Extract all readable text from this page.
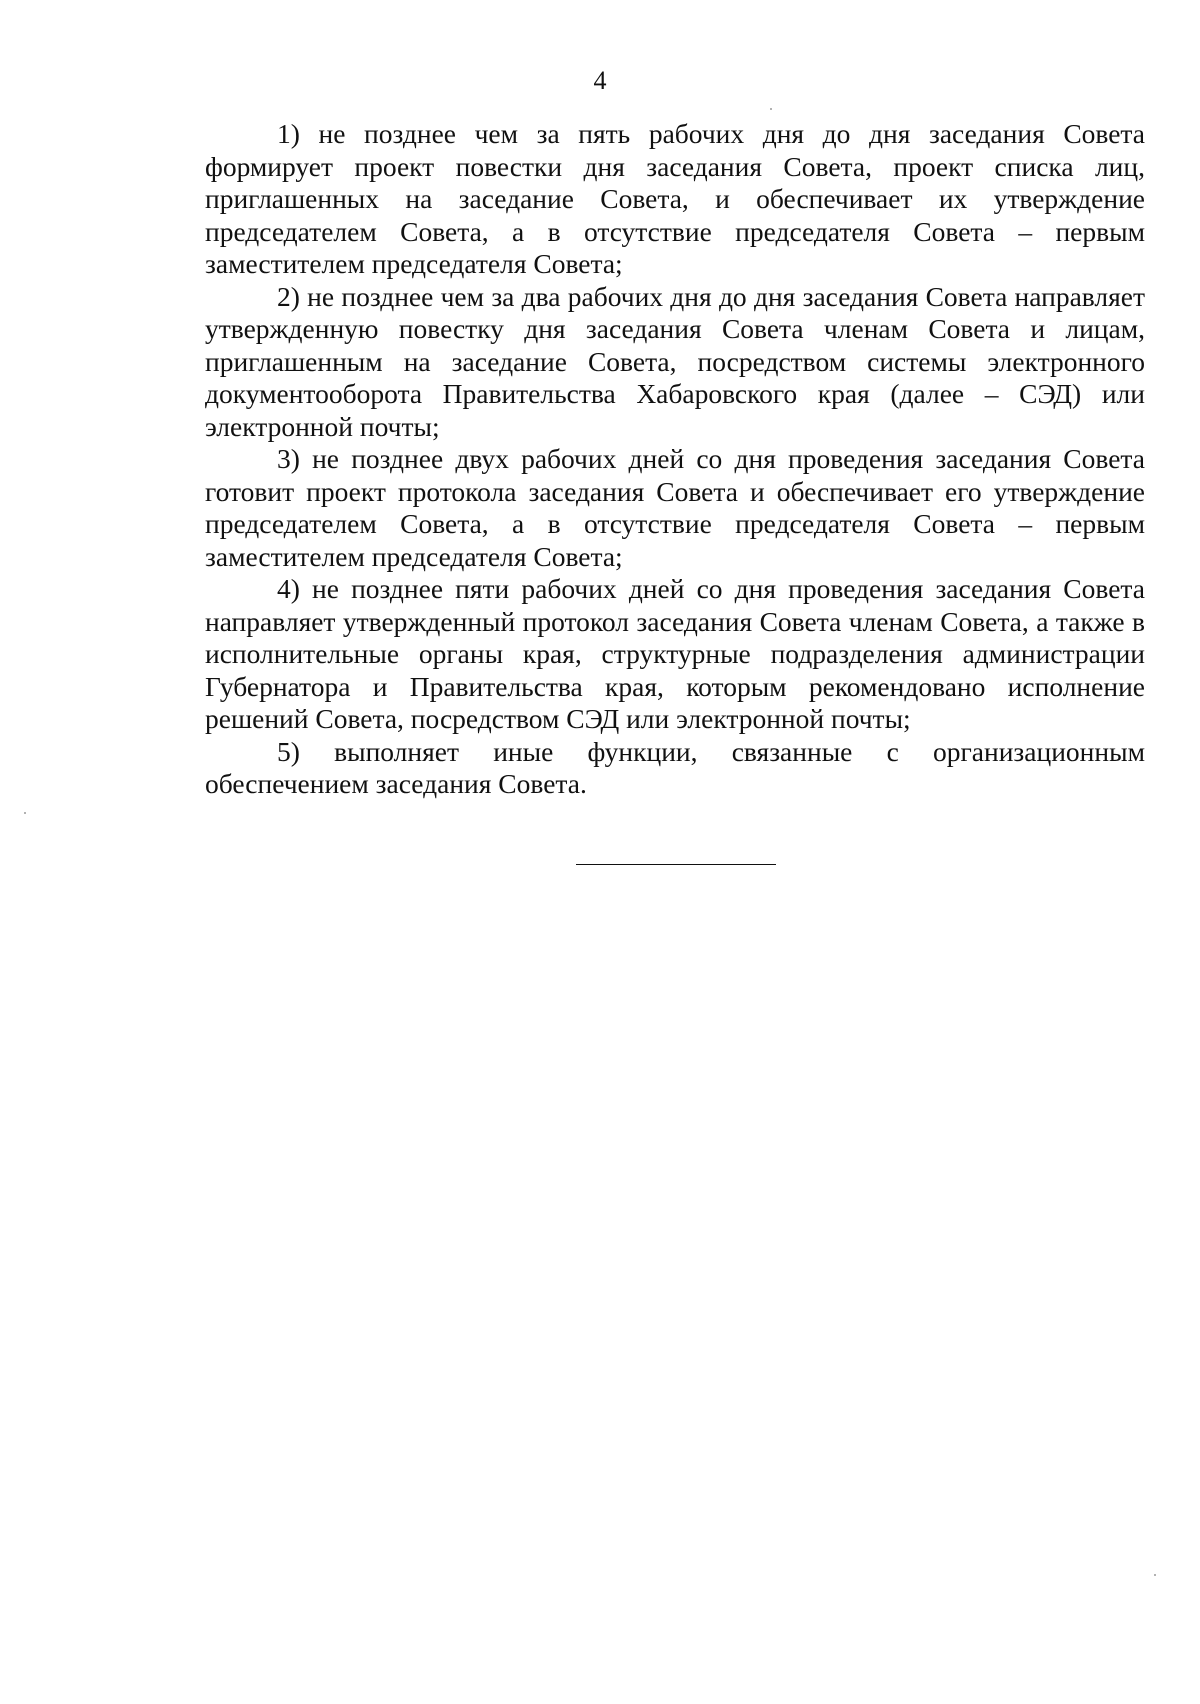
4

1) не позднее чем за пять рабочих дня до дня заседания Совета формирует проект повестки дня заседания Совета, проект списка лиц, приглашенных на заседание Совета, и обеспечивает их утверждение председателем Совета, а в отсутствие председателя Совета – первым заместителем председателя Совета;

2) не позднее чем за два рабочих дня до дня заседания Совета направляет утвержденную повестку дня заседания Совета членам Совета и лицам, приглашенным на заседание Совета, посредством системы электронного документооборота Правительства Хабаровского края (далее – СЭД) или электронной почты;

3) не позднее двух рабочих дней со дня проведения заседания Совета готовит проект протокола заседания Совета и обеспечивает его утверждение председателем Совета, а в отсутствие председателя Совета – первым заместителем председателя Совета;

4) не позднее пяти рабочих дней со дня проведения заседания Совета направляет утвержденный протокол заседания Совета членам Совета, а также в исполнительные органы края, структурные подразделения администрации Губернатора и Правительства края, которым рекомендовано исполнение решений Совета, посредством СЭД или электронной почты;

5) выполняет иные функции, связанные с организационным обеспечением заседания Совета.
